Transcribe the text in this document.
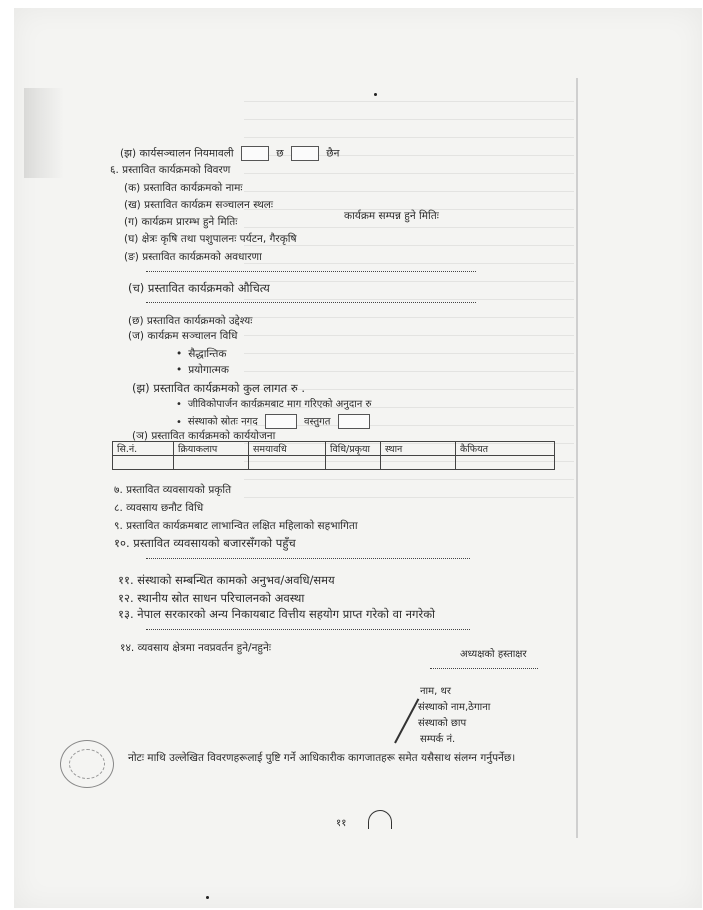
(झ) कार्यसञ्चालन नियमावली	छ	छैन
६. प्रस्तावित कार्यक्रमको विवरण
(क) प्रस्तावित कार्यक्रमको नामः
(ख) प्रस्तावित कार्यक्रम सञ्चालन स्थलः
(ग) कार्यक्रम प्रारम्भ हुने मितिः	कार्यक्रम सम्पन्न हुने मितिः
(घ) क्षेत्रः कृषि तथा पशुपालनः पर्यटन, गैरकृषि
(ङ) प्रस्तावित कार्यक्रमको अवधारणा
(च) प्रस्तावित कार्यक्रमको औचित्य
(छ) प्रस्तावित कार्यक्रमको उद्देश्यः
(ज) कार्यक्रम सञ्चालन विधि
• सैद्धान्तिक
• प्रयोगात्मक
(झ) प्रस्तावित कार्यक्रमको कुल लागत रु .
• जीविकोपार्जन कार्यक्रमबाट माग गरिएको अनुदान रु
• संस्थाको स्रोतः नगद	वस्तुगत
(ञ) प्रस्तावित कार्यक्रमको कार्ययोजना
सि.नं.	क्रियाकलाप	समयावधि	विधि/प्रकृया	स्थान	कैफियत

७. प्रस्तावित व्यवसायको प्रकृति
८. व्यवसाय छनौट विधि
९. प्रस्तावित कार्यक्रमबाट लाभान्वित लक्षित महिलाको सहभागिता
१०. प्रस्तावित व्यवसायको बजारसँगको पहुँच
११. संस्थाको सम्बन्धित कामको अनुभव/अवधि/समय
१२. स्थानीय स्रोत साधन परिचालनको अवस्था
१३. नेपाल सरकारको अन्य निकायबाट वित्तीय सहयोग प्राप्त गरेको वा नगरेको
१४. व्यवसाय क्षेत्रमा नवप्रवर्तन हुने/नहुनेः
अध्यक्षको हस्ताक्षर
नाम, थर
संस्थाको नाम,ठेगाना
संस्थाको छाप
सम्पर्क नं.
नोटः माथि उल्लेखित विवरणहरूलाई पुष्टि गर्ने आधिकारीक कागजातहरू समेत यसैसाथ संलग्न गर्नुपर्नेछ।
११
